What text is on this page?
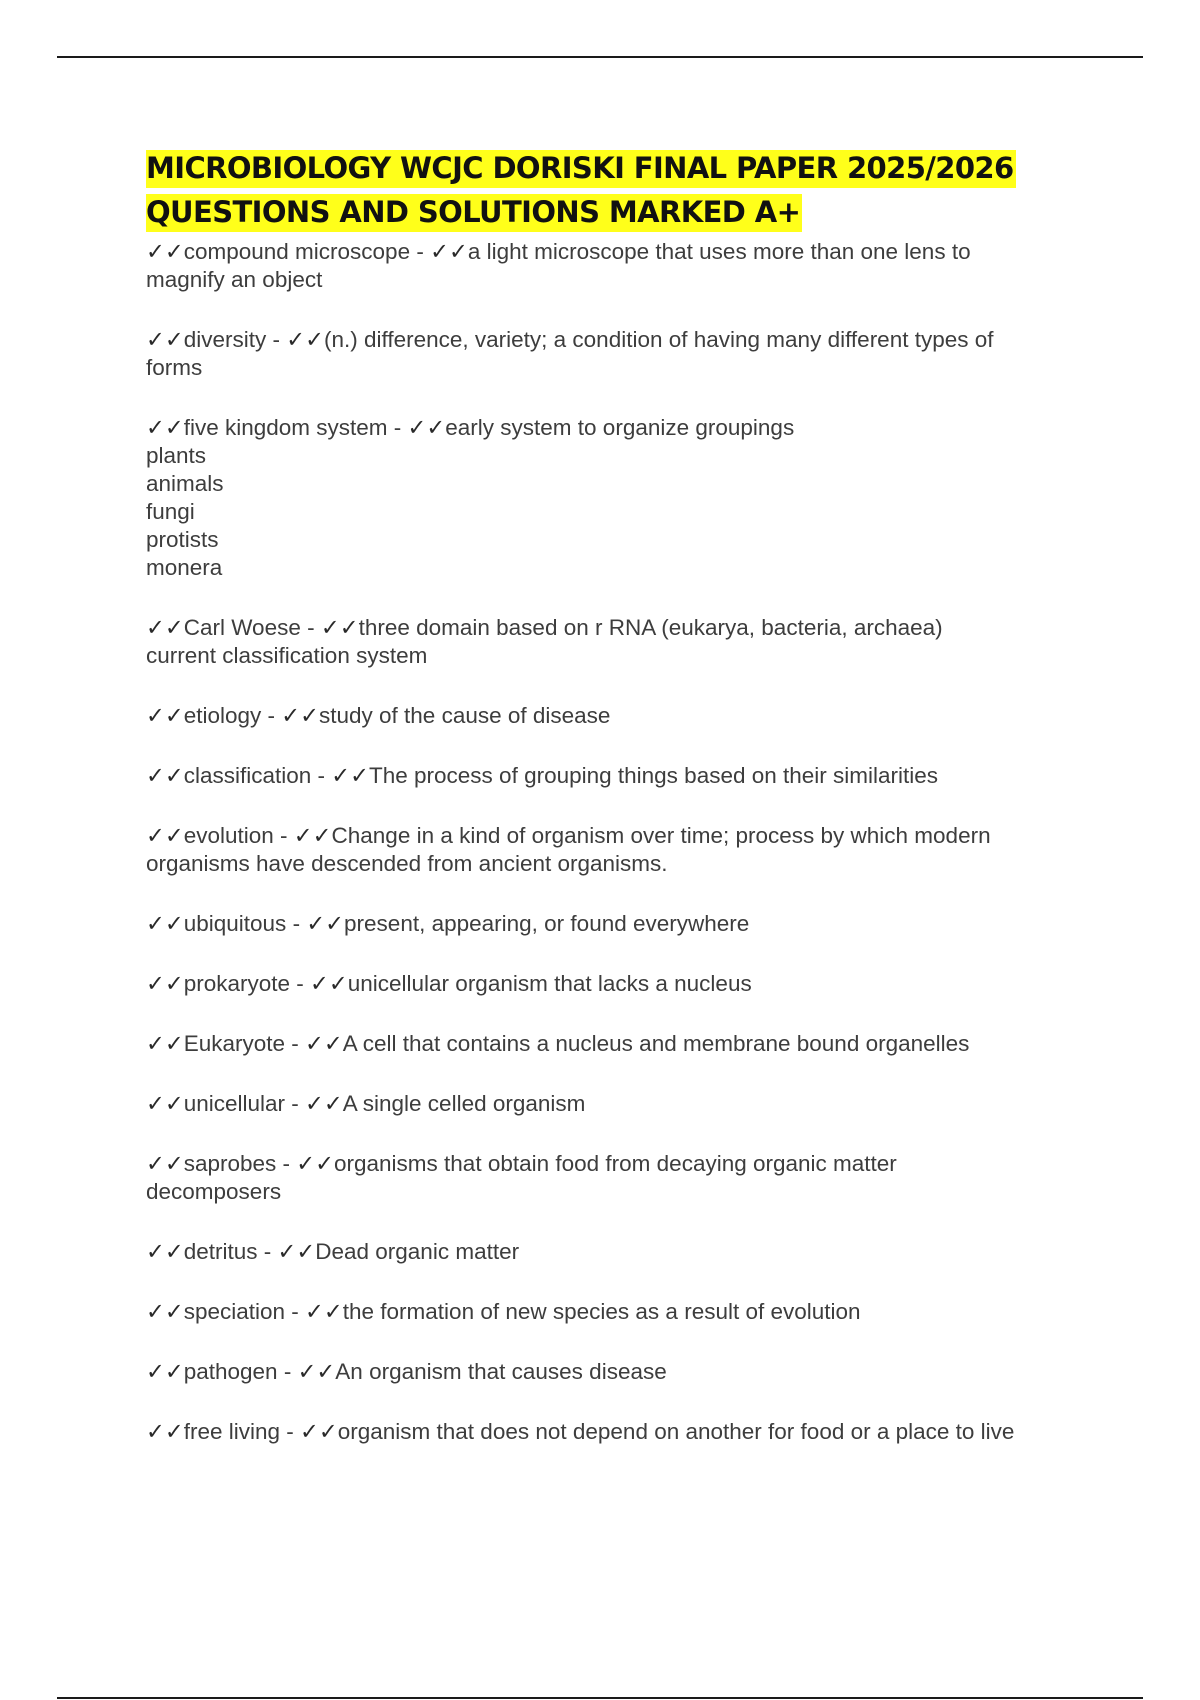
MICROBIOLOGY WCJC DORISKI FINAL PAPER 2025/2026
QUESTIONS AND SOLUTIONS MARKED A+
✓✓compound microscope - ✓✓a light microscope that uses more than one lens to
magnify an object
✓✓diversity - ✓✓(n.) difference, variety; a condition of having many different types of
forms
✓✓five kingdom system - ✓✓early system to organize groupings
plants
animals
fungi
protists
monera
✓✓Carl Woese - ✓✓three domain based on r RNA (eukarya, bacteria, archaea)
current classification system
✓✓etiology - ✓✓study of the cause of disease
✓✓classification - ✓✓The process of grouping things based on their similarities
✓✓evolution - ✓✓Change in a kind of organism over time; process by which modern
organisms have descended from ancient organisms.
✓✓ubiquitous - ✓✓present, appearing, or found everywhere
✓✓prokaryote - ✓✓unicellular organism that lacks a nucleus
✓✓Eukaryote - ✓✓A cell that contains a nucleus and membrane bound organelles
✓✓unicellular - ✓✓A single celled organism
✓✓saprobes - ✓✓organisms that obtain food from decaying organic matter
decomposers
✓✓detritus - ✓✓Dead organic matter
✓✓speciation - ✓✓the formation of new species as a result of evolution
✓✓pathogen - ✓✓An organism that causes disease
✓✓free living - ✓✓organism that does not depend on another for food or a place to live
